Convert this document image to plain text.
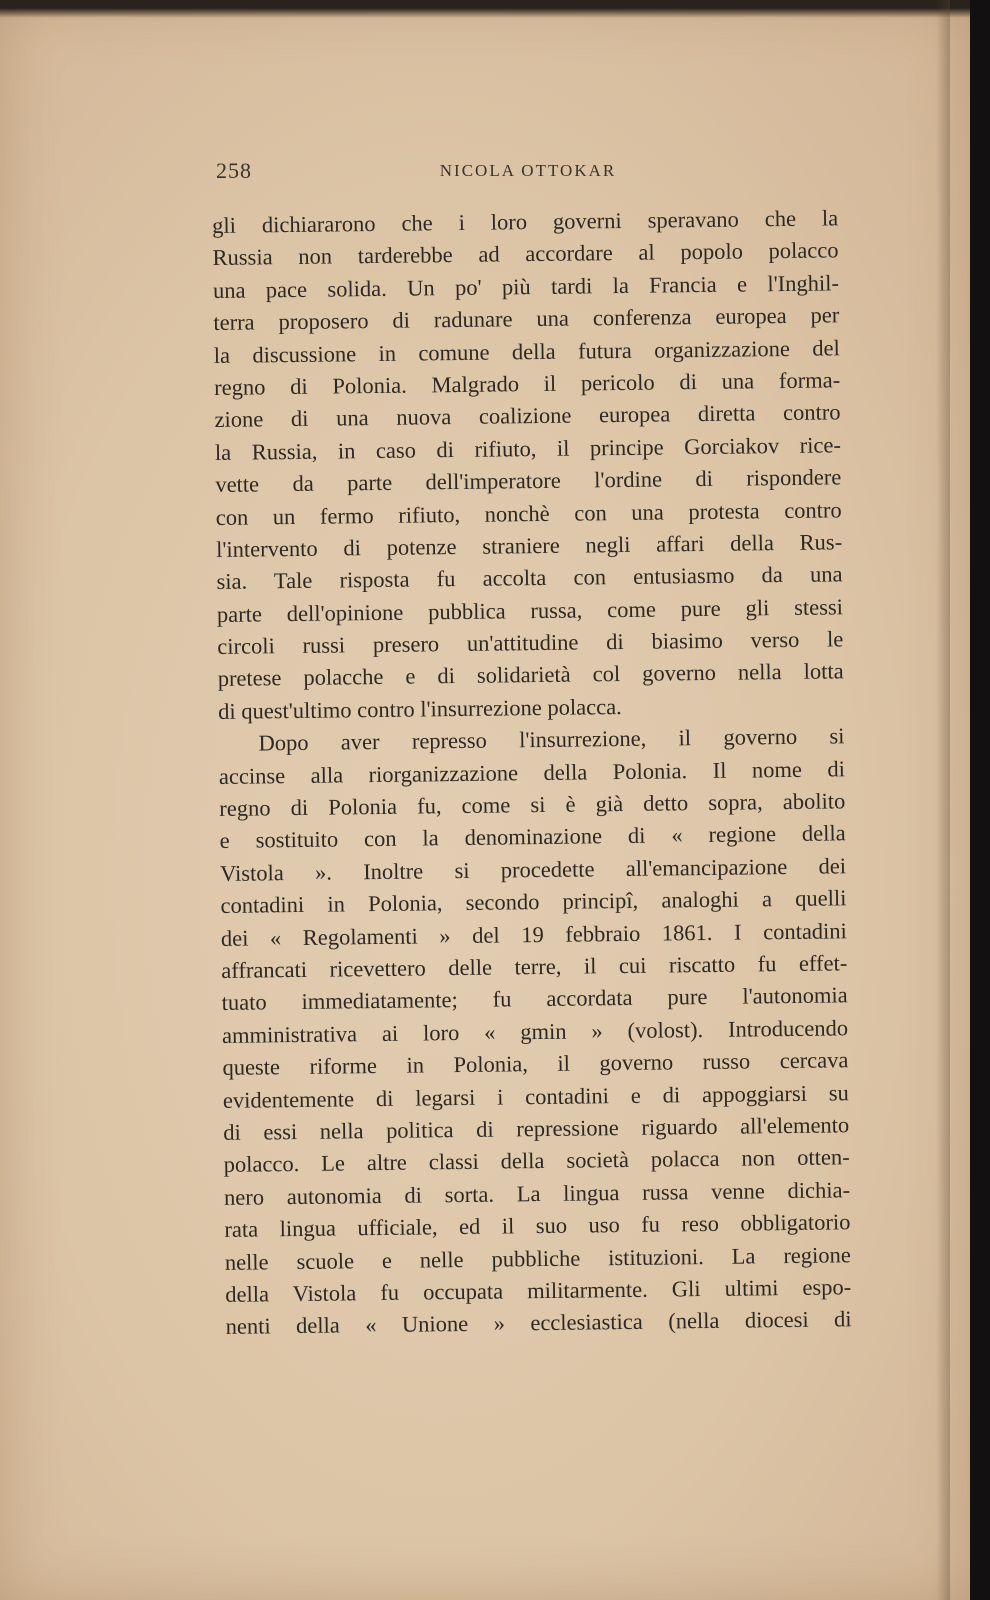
258	NICOLA OTTOKAR
gli dichiararono che i loro governi speravano che la
Russia non tarderebbe ad accordare al popolo polacco
una pace solida. Un po' più tardi la Francia e l'Inghil-
terra proposero di radunare una conferenza europea per
la discussione in comune della futura organizzazione del
regno di Polonia. Malgrado il pericolo di una forma-
zione di una nuova coalizione europea diretta contro
la Russia, in caso di rifiuto, il principe Gorciakov rice-
vette da parte dell'imperatore l'ordine di rispondere
con un fermo rifiuto, nonchè con una protesta contro
l'intervento di potenze straniere negli affari della Rus-
sia. Tale risposta fu accolta con entusiasmo da una
parte dell'opinione pubblica russa, come pure gli stessi
circoli russi presero un'attitudine di biasimo verso le
pretese polacche e di solidarietà col governo nella lotta
di quest'ultimo contro l'insurrezione polacca.
Dopo aver represso l'insurrezione, il governo si
accinse alla riorganizzazione della Polonia. Il nome di
regno di Polonia fu, come si è già detto sopra, abolito
e sostituito con la denominazione di « regione della
Vistola ». Inoltre si procedette all'emancipazione dei
contadini in Polonia, secondo principî, analoghi a quelli
dei « Regolamenti » del 19 febbraio 1861. I contadini
affrancati ricevettero delle terre, il cui riscatto fu effet-
tuato immediatamente; fu accordata pure l'autonomia
amministrativa ai loro « gmin » (volost). Introducendo
queste riforme in Polonia, il governo russo cercava
evidentemente di legarsi i contadini e di appoggiarsi su
di essi nella politica di repressione riguardo all'elemento
polacco. Le altre classi della società polacca non otten-
nero autonomia di sorta. La lingua russa venne dichia-
rata lingua ufficiale, ed il suo uso fu reso obbligatorio
nelle scuole e nelle pubbliche istituzioni. La regione
della Vistola fu occupata militarmente. Gli ultimi espo-
nenti della « Unione » ecclesiastica (nella diocesi di
